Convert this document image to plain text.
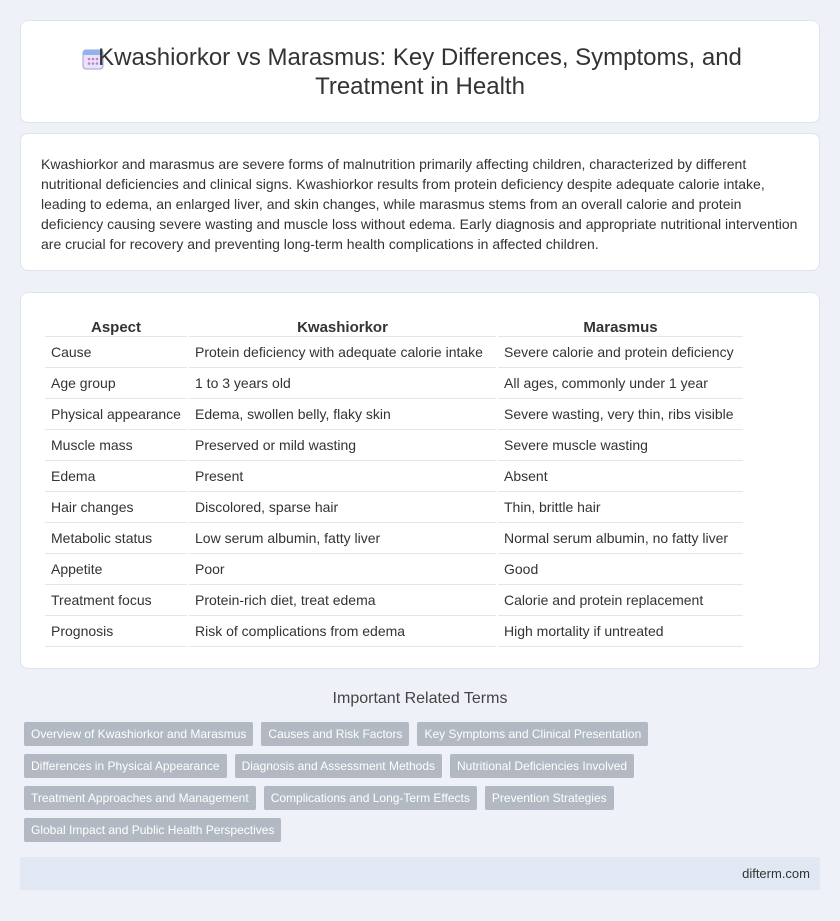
Kwashiorkor vs Marasmus: Key Differences, Symptoms, and Treatment in Health

Kwashiorkor and marasmus are severe forms of malnutrition primarily affecting children, characterized by different nutritional deficiencies and clinical signs. Kwashiorkor results from protein deficiency despite adequate calorie intake, leading to edema, an enlarged liver, and skin changes, while marasmus stems from an overall calorie and protein deficiency causing severe wasting and muscle loss without edema. Early diagnosis and appropriate nutritional intervention are crucial for recovery and preventing long-term health complications in affected children.

Aspect	Kwashiorkor	Marasmus
Cause	Protein deficiency with adequate calorie intake	Severe calorie and protein deficiency
Age group	1 to 3 years old	All ages, commonly under 1 year
Physical appearance	Edema, swollen belly, flaky skin	Severe wasting, very thin, ribs visible
Muscle mass	Preserved or mild wasting	Severe muscle wasting
Edema	Present	Absent
Hair changes	Discolored, sparse hair	Thin, brittle hair
Metabolic status	Low serum albumin, fatty liver	Normal serum albumin, no fatty liver
Appetite	Poor	Good
Treatment focus	Protein-rich diet, treat edema	Calorie and protein replacement
Prognosis	Risk of complications from edema	High mortality if untreated
Important Related Terms
Overview of Kwashiorkor and Marasmus	Causes and Risk Factors	Key Symptoms and Clinical Presentation
Differences in Physical Appearance	Diagnosis and Assessment Methods	Nutritional Deficiencies Involved
Treatment Approaches and Management	Complications and Long-Term Effects	Prevention Strategies
Global Impact and Public Health Perspectives
difterm.com
